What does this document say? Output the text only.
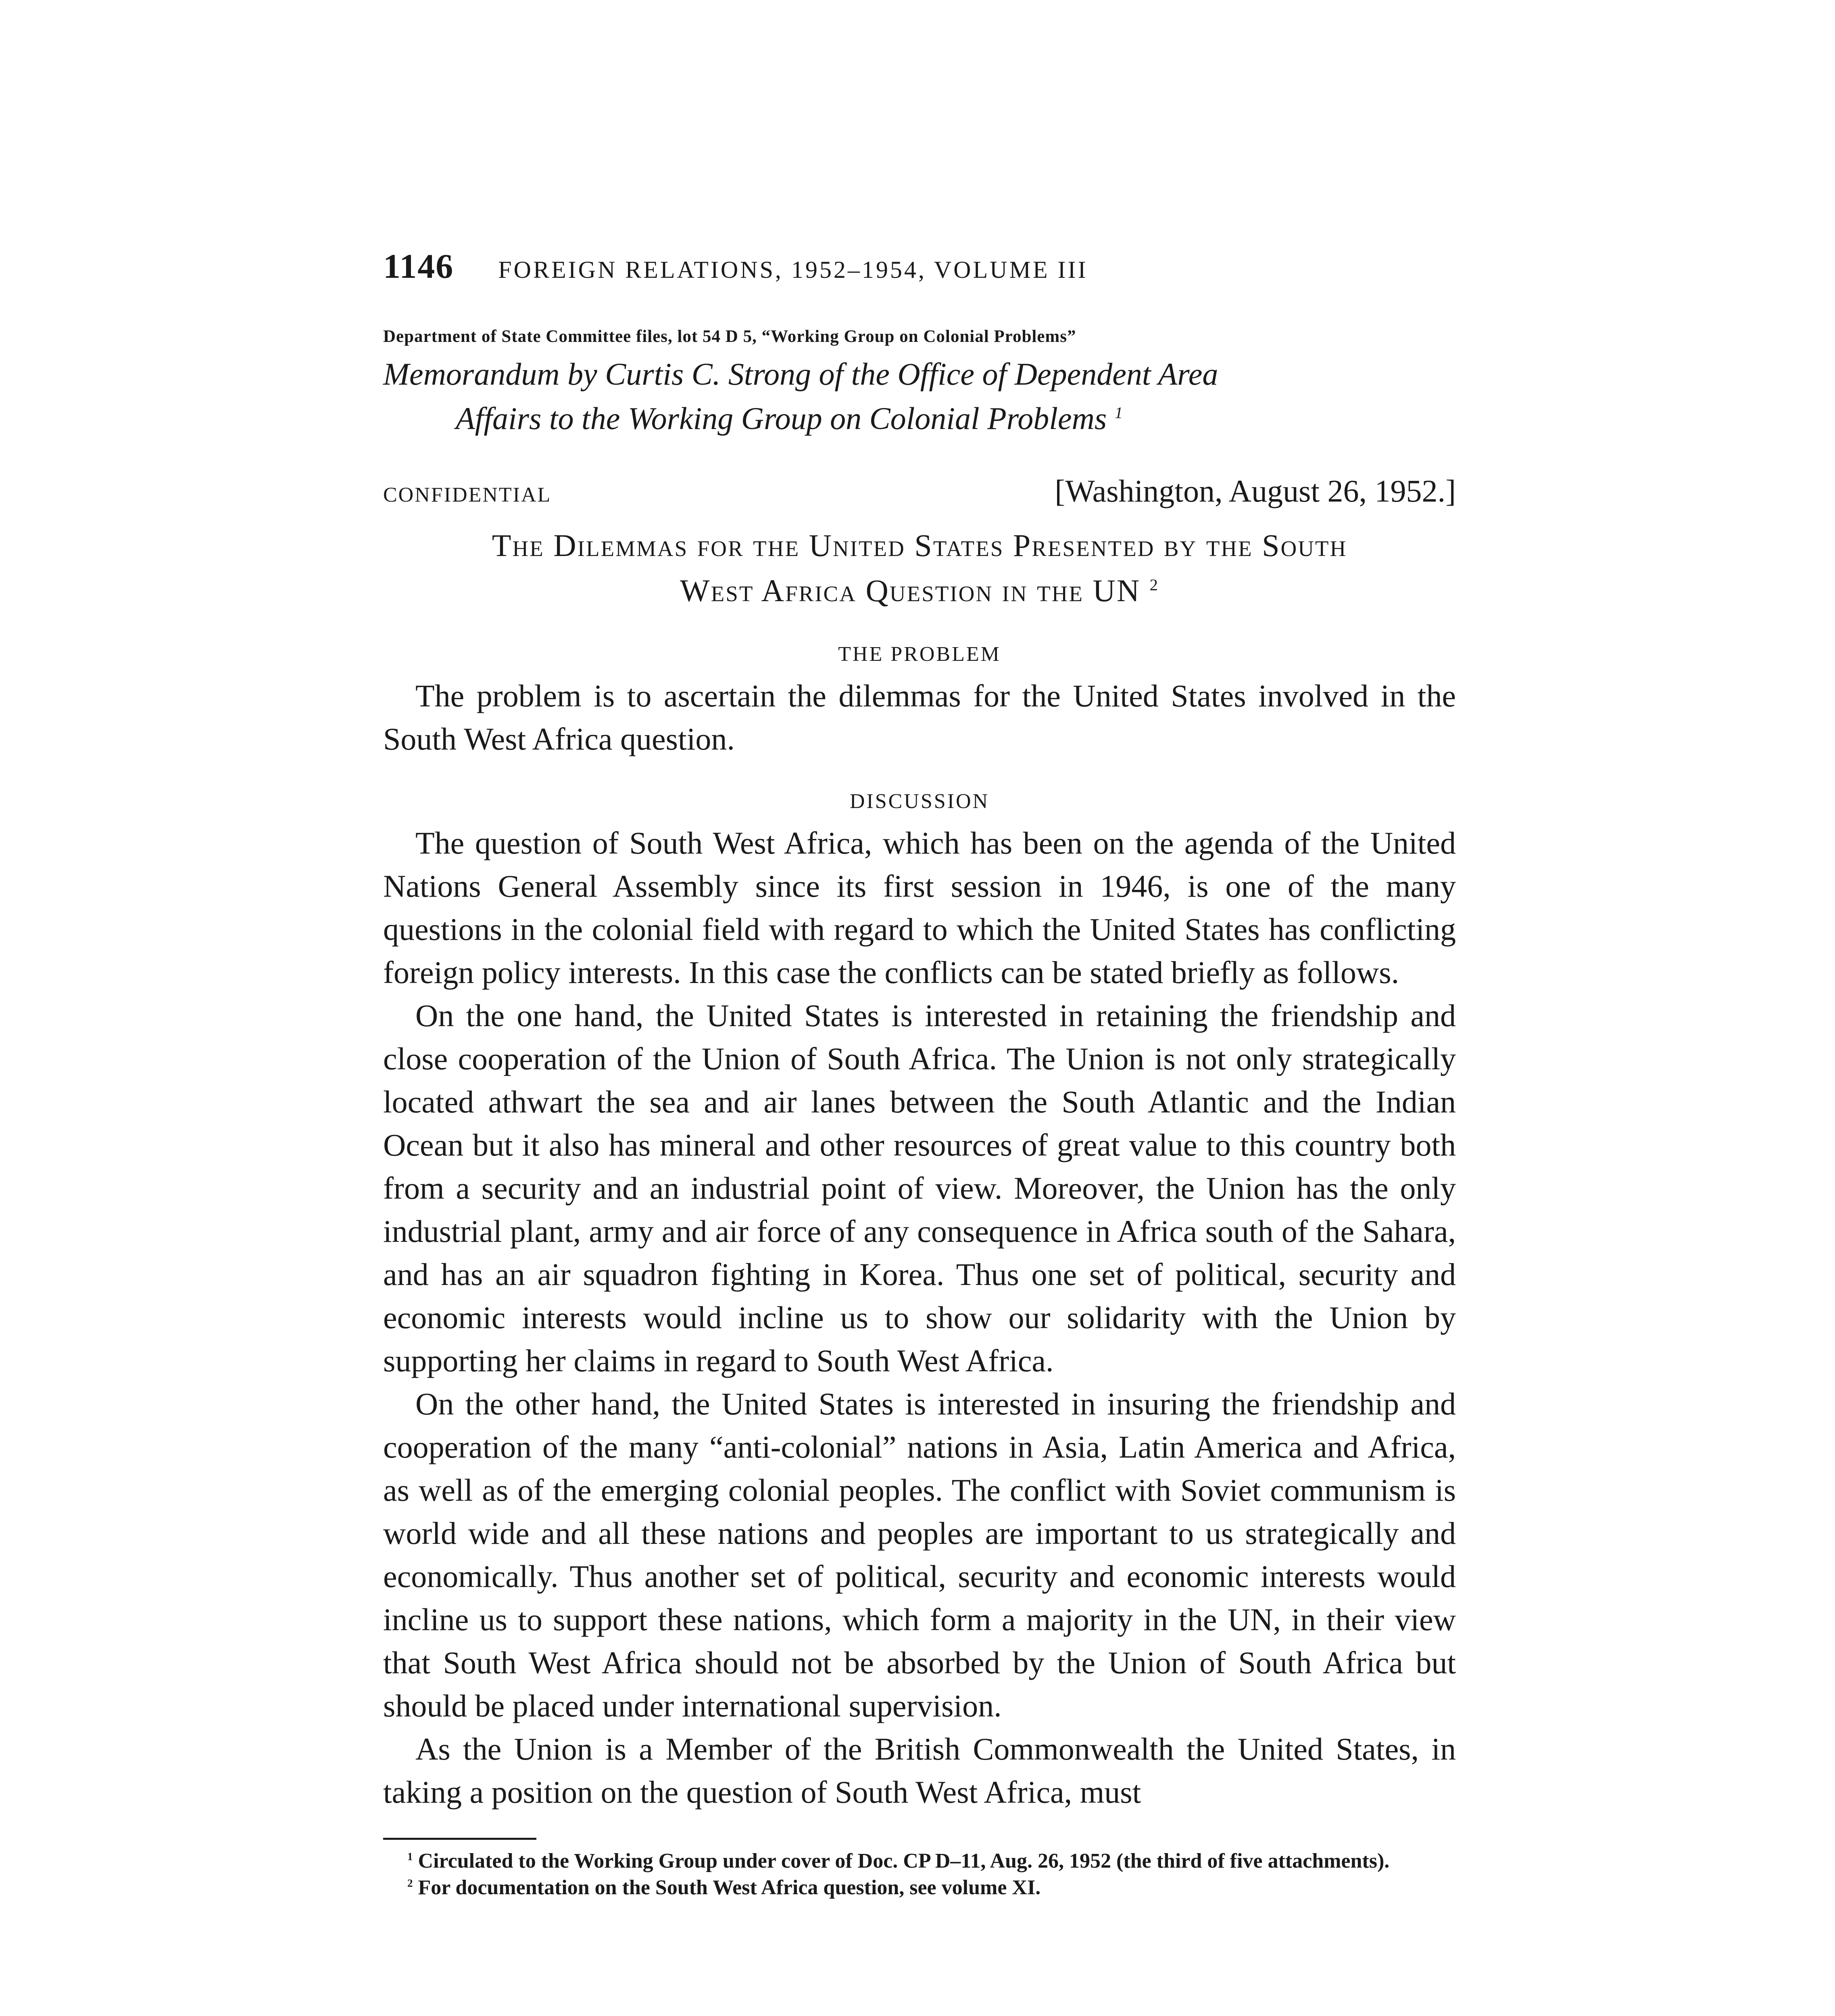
1146 FOREIGN RELATIONS, 1952–1954, VOLUME III
Department of State Committee files, lot 54 D 5, “Working Group on Colonial Problems”
Memorandum by Curtis C. Strong of the Office of Dependent Area
Affairs to the Working Group on Colonial Problems $^1$
CONFIDENTIAL	[Washington, August 26, 1952.]
The Dilemmas for the United States Presented by the South
West Africa Question in the UN $^2$
THE PROBLEM

The problem is to ascertain the dilemmas for the United States involved in the South West Africa question.

DISCUSSION

The question of South West Africa, which has been on the agenda of the United Nations General Assembly since its first session in 1946, is one of the many questions in the colonial field with regard to which the United States has conflicting foreign policy interests. In this case the conflicts can be stated briefly as follows.

On the one hand, the United States is interested in retaining the friendship and close cooperation of the Union of South Africa. The Union is not only strategically located athwart the sea and air lanes between the South Atlantic and the Indian Ocean but it also has mineral and other resources of great value to this country both from a security and an industrial point of view. Moreover, the Union has the only industrial plant, army and air force of any consequence in Africa south of the Sahara, and has an air squadron fighting in Korea. Thus one set of political, security and economic interests would incline us to show our solidarity with the Union by supporting her claims in regard to South West Africa.

On the other hand, the United States is interested in insuring the friendship and cooperation of the many “anti-colonial” nations in Asia, Latin America and Africa, as well as of the emerging colonial peoples. The conflict with Soviet communism is world wide and all these nations and peoples are important to us strategically and economically. Thus another set of political, security and economic interests would incline us to support these nations, which form a majority in the UN, in their view that South West Africa should not be absorbed by the Union of South Africa but should be placed under international supervision.

As the Union is a Member of the British Commonwealth the United States, in taking a position on the question of South West Africa, must

$^1$ Circulated to the Working Group under cover of Doc. CP D–11, Aug. 26, 1952 (the third of five attachments).

$^2$ For documentation on the South West Africa question, see volume XI.
